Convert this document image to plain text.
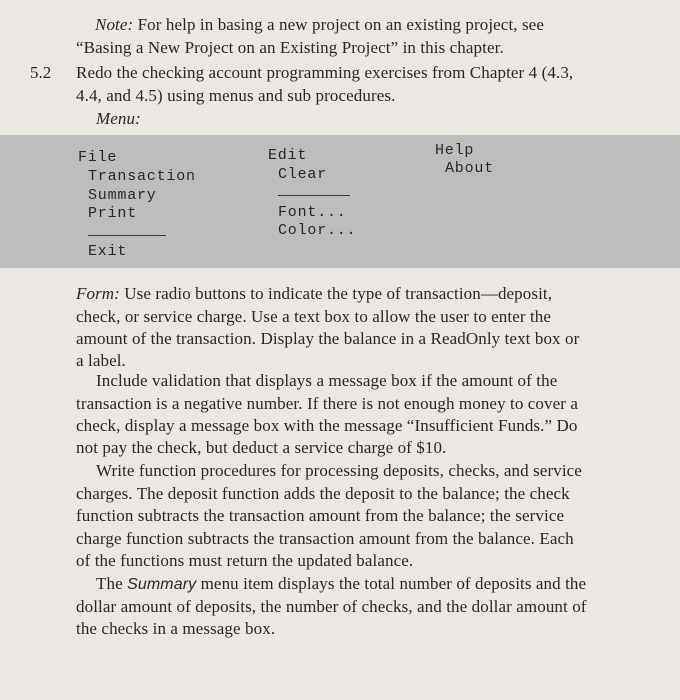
Note: For help in basing a new project on an existing project, see
“Basing a New Project on an Existing Project” in this chapter.
5.2 Redo the checking account programming exercises from Chapter 4 (4.3,
4.4, and 4.5) using menus and sub procedures.
Menu:
File
Transaction
Summary
Print
Exit
Edit
Clear
Font...
Color...
Help
About
Form: Use radio buttons to indicate the type of transaction—deposit,
check, or service charge. Use a text box to allow the user to enter the
amount of the transaction. Display the balance in a ReadOnly text box or
a label.
Include validation that displays a message box if the amount of the
transaction is a negative number. If there is not enough money to cover a
check, display a message box with the message “Insufficient Funds.” Do
not pay the check, but deduct a service charge of $10.
Write function procedures for processing deposits, checks, and service
charges. The deposit function adds the deposit to the balance; the check
function subtracts the transaction amount from the balance; the service
charge function subtracts the transaction amount from the balance. Each
of the functions must return the updated balance.
The Summary menu item displays the total number of deposits and the
dollar amount of deposits, the number of checks, and the dollar amount of
the checks in a message box.
